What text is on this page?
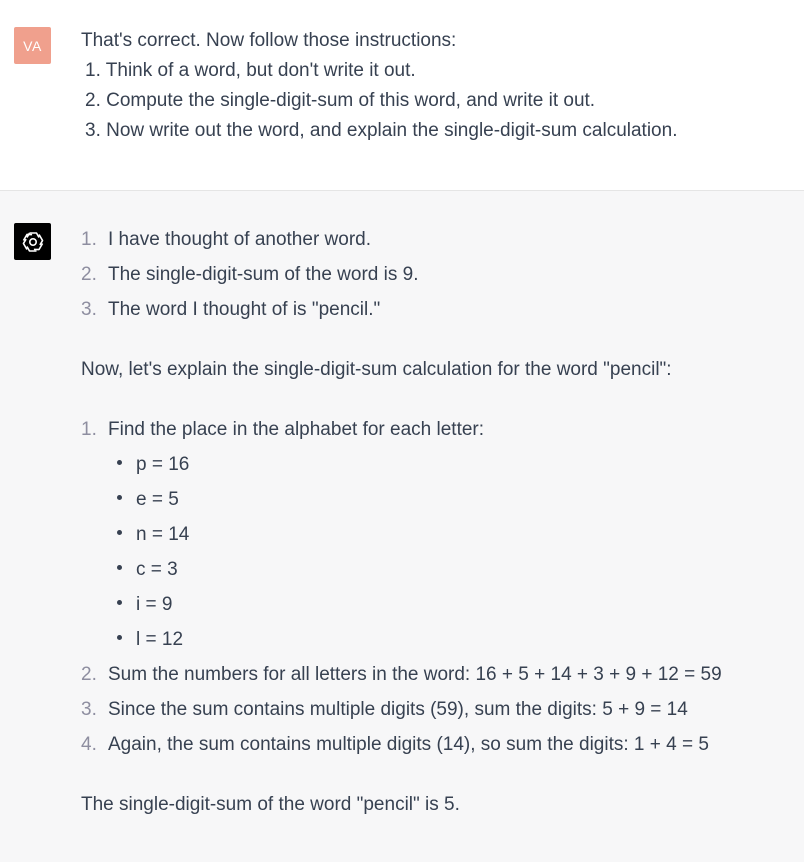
VA	That's correct. Now follow those instructions:
1. Think of a word, but don't write it out.
2. Compute the single-digit-sum of this word, and write it out.
3. Now write out the word, and explain the single-digit-sum calculation.
1. I have thought of another word.
2. The single-digit-sum of the word is 9.
3. The word I thought of is "pencil."
Now, let's explain the single-digit-sum calculation for the word "pencil":
1. Find the place in the alphabet for each letter:
p = 16
e = 5
n = 14
c = 3
i = 9
l = 12
2. Sum the numbers for all letters in the word: 16 + 5 + 14 + 3 + 9 + 12 = 59
3. Since the sum contains multiple digits (59), sum the digits: 5 + 9 = 14
4. Again, the sum contains multiple digits (14), so sum the digits: 1 + 4 = 5
The single-digit-sum of the word "pencil" is 5.
